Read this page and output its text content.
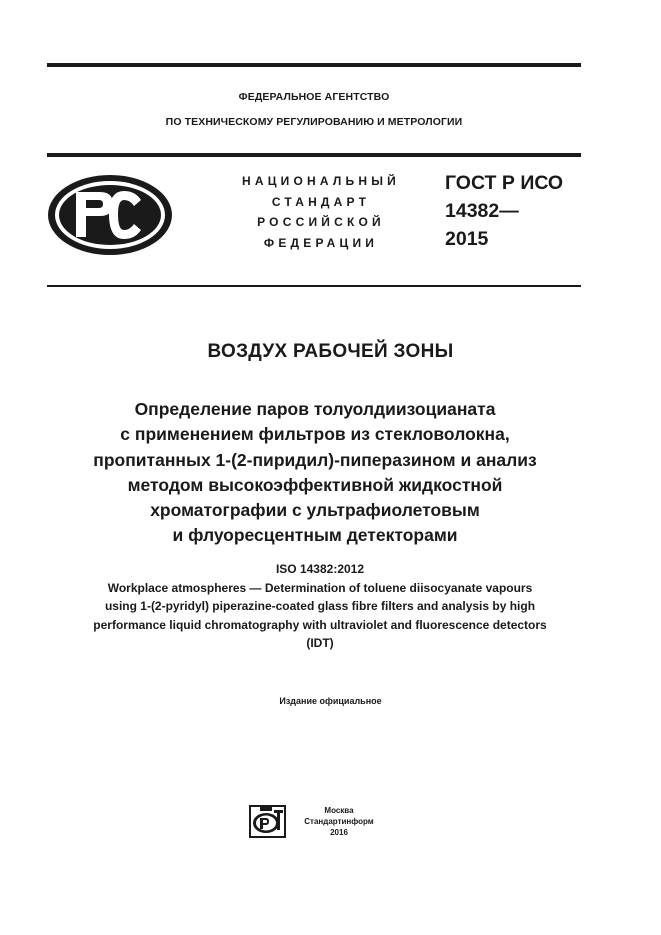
ФЕДЕРАЛЬНОЕ АГЕНТСТВО
ПО ТЕХНИЧЕСКОМУ РЕГУЛИРОВАНИЮ И МЕТРОЛОГИИ
НАЦИОНАЛЬНЫЙ
СТАНДАРТ
РОССИЙСКОЙ
ФЕДЕРАЦИИ
ГОСТ Р ИСО
14382—
2015
ВОЗДУХ РАБОЧЕЙ ЗОНЫ
Определение паров толуолдиизоцианата
с применением фильтров из стекловолокна,
пропитанных 1-(2-пиридил)-пиперазином и анализ
методом высокоэффективной жидкостной
хроматографии с ультрафиолетовым
и флуоресцентным детекторами
ISO 14382:2012
Workplace atmospheres — Determination of toluene diisocyanate vapours
using 1-(2-pyridyl) piperazine-coated glass fibre filters and analysis by high
performance liquid chromatography with ultraviolet and fluorescence detectors
(IDT)
Издание официальное
Москва
Стандартинформ
2016
